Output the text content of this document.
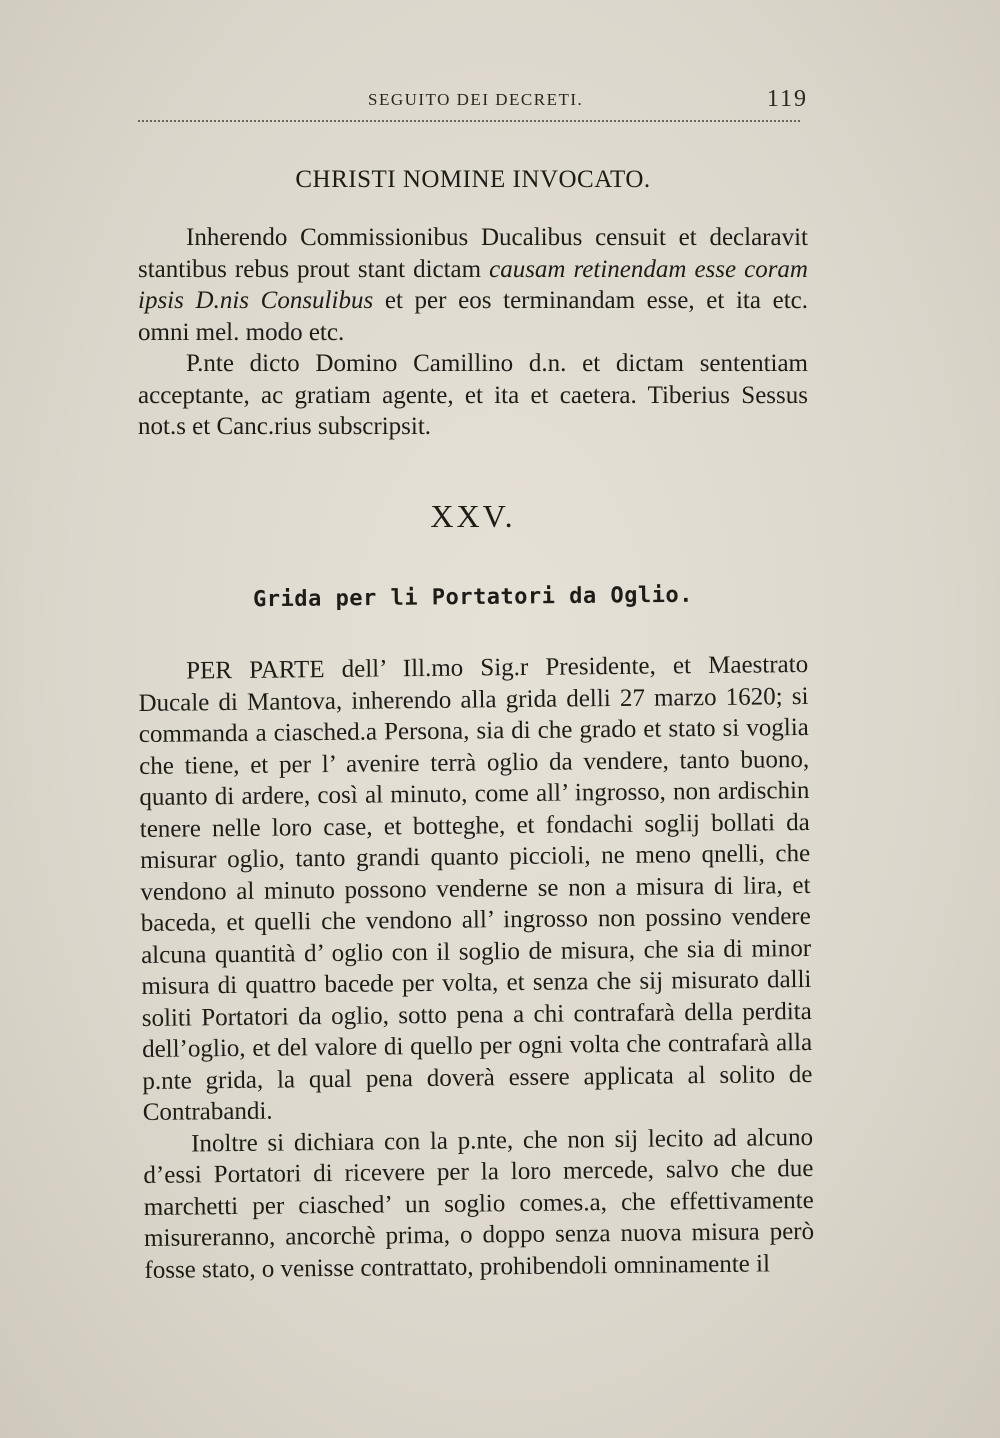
SEGUITO DEI DECRETI.	119
CHRISTI NOMINE INVOCATO.

Inherendo Commissionibus Ducalibus censuit et declaravit stantibus rebus prout stant dictam causam retinendam esse coram ipsis D.nis Consulibus et per eos terminandam esse, et ita etc. omni mel. modo etc.

P.nte dicto Domino Camillino d.n. et dictam sententiam acceptante, ac gratiam agente, et ita et caetera. Tiberius Sessus not.s et Canc.rius subscripsit.

XXV.
Grida per li Portatori da Oglio.

PER PARTE dell’ Ill.mo Sig.r Presidente, et Maestrato Ducale di Mantova, inherendo alla grida delli 27 marzo 1620; si commanda a ciasched.a Persona, sia di che grado et stato si voglia che tiene, et per l’ avenire terrà oglio da vendere, tanto buono, quanto di ardere, così al minuto, come all’ ingrosso, non ardischin tenere nelle loro case, et botteghe, et fondachi soglij bollati da misurar oglio, tanto grandi quanto piccioli, ne meno qnelli, che vendono al minuto possono venderne se non a misura di lira, et baceda, et quelli che vendono all’ ingrosso non possino vendere alcuna quantità d’ oglio con il soglio de misura, che sia di minor misura di quattro bacede per volta, et senza che sij misurato dalli soliti Portatori da oglio, sotto pena a chi contrafarà della perdita dell’oglio, et del valore di quello per ogni volta che contrafarà alla p.nte grida, la qual pena doverà essere applicata al solito de Contrabandi.

Inoltre si dichiara con la p.nte, che non sij lecito ad alcuno d’essi Portatori di ricevere per la loro mercede, salvo che due marchetti per ciasched’ un soglio comes.a, che effettivamente misureranno, ancorchè prima, o doppo senza nuova misura però fosse stato, o venisse contrattato, prohibendoli omninamente il
